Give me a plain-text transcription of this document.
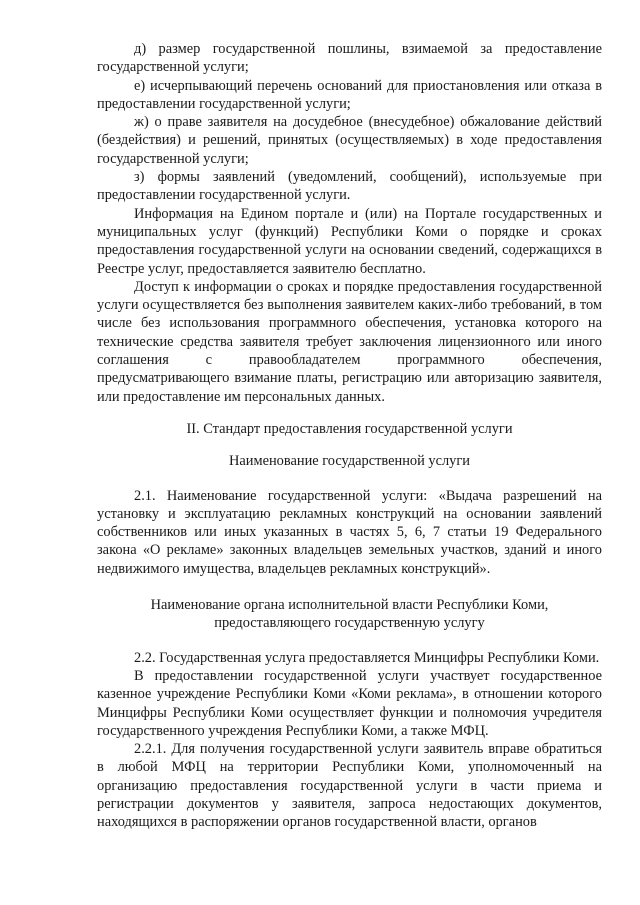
д) размер государственной пошлины, взимаемой за предоставление государственной услуги;

е) исчерпывающий перечень оснований для приостановления или отказа в предоставлении государственной услуги;

ж) о праве заявителя на досудебное (внесудебное) обжалование действий (бездействия) и решений, принятых (осуществляемых) в ходе предоставления государственной услуги;

з) формы заявлений (уведомлений, сообщений), используемые при предоставлении государственной услуги.

Информация на Едином портале и (или) на Портале государственных и муниципальных услуг (функций) Республики Коми о порядке и сроках предоставления государственной услуги на основании сведений, содержащихся в Реестре услуг, предоставляется заявителю бесплатно.

Доступ к информации о сроках и порядке предоставления государственной услуги осуществляется без выполнения заявителем каких-либо требований, в том числе без использования программного обеспечения, установка которого на технические средства заявителя требует заключения лицензионного или иного соглашения с правообладателем программного обеспечения, предусматривающего взимание платы, регистрацию или авторизацию заявителя, или предоставление им персональных данных.

II. Стандарт предоставления государственной услуги

Наименование государственной услуги

2.1. Наименование государственной услуги: «Выдача разрешений на установку и эксплуатацию рекламных конструкций на основании заявлений собственников или иных указанных в частях 5, 6, 7 статьи 19 Федерального закона «О рекламе» законных владельцев земельных участков, зданий и иного недвижимого имущества, владельцев рекламных конструкций».

Наименование органа исполнительной власти Республики Коми,

предоставляющего государственную услугу

2.2. Государственная услуга предоставляется Минцифры Республики Коми.

В предоставлении государственной услуги участвует государственное казенное учреждение Республики Коми «Коми реклама», в отношении которого Минцифры Республики Коми осуществляет функции и полномочия учредителя государственного учреждения Республики Коми, а также МФЦ.

2.2.1. Для получения государственной услуги заявитель вправе обратиться в любой МФЦ на территории Республики Коми, уполномоченный на организацию предоставления государственной услуги в части приема и регистрации документов у заявителя, запроса недостающих документов, находящихся в распоряжении органов государственной власти, органов
